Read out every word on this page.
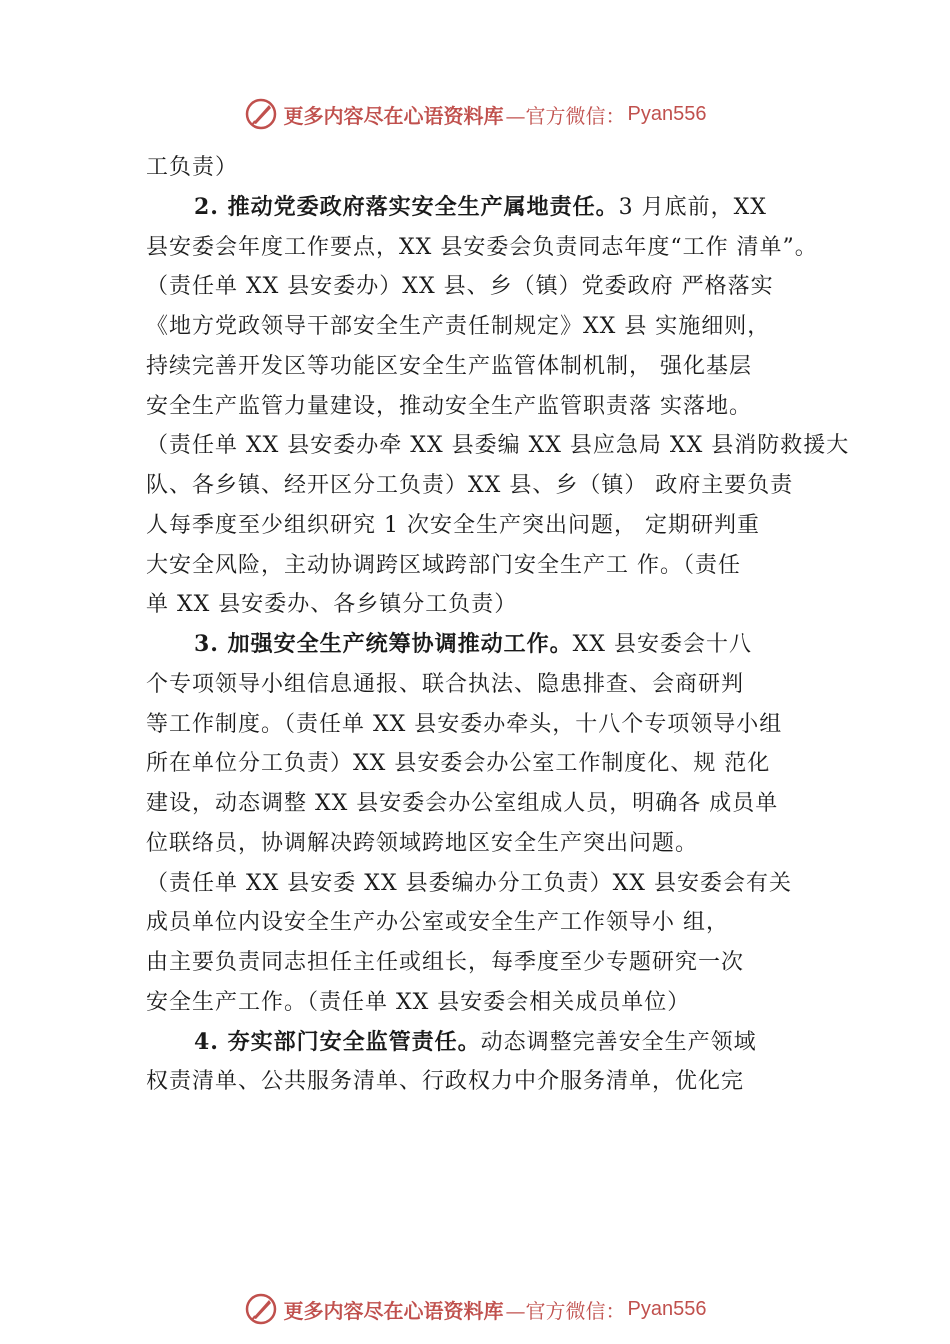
更多内容尽在心语资料库 —官方微信： Pyan556
工负责）
2. 推动党委政府落实安全生产属地责任。3 月底前，XX
县安委会年度工作要点，XX 县安委会负责同志年度“工作 清单”。
（责任单 XX 县安委办）XX 县、乡（镇）党委政府 严格落实
《地方党政领导干部安全生产责任制规定》XX 县 实施细则，
持续完善开发区等功能区安全生产监管体制机制， 强化基层
安全生产监管力量建设，推动安全生产监管职责落 实落地。
（责任单 XX 县安委办牵 XX 县委编 XX 县应急局 XX 县消防救援大
队、各乡镇、经开区分工负责）XX 县、乡（镇） 政府主要负责
人每季度至少组织研究 1 次安全生产突出问题， 定期研判重
大安全风险，主动协调跨区域跨部门安全生产工 作。（责任
单 XX 县安委办、各乡镇分工负责）
3. 加强安全生产统筹协调推动工作。XX 县安委会十八
个专项领导小组信息通报、联合执法、隐患排查、会商研判
等工作制度。（责任单 XX 县安委办牵头，十八个专项领导小组
所在单位分工负责）XX 县安委会办公室工作制度化、规 范化
建设，动态调整 XX 县安委会办公室组成人员，明确各 成员单
位联络员，协调解决跨领域跨地区安全生产突出问题。
（责任单 XX 县安委 XX 县委编办分工负责）XX 县安委会有关
成员单位内设安全生产办公室或安全生产工作领导小 组，
由主要负责同志担任主任或组长，每季度至少专题研究一次
安全生产工作。（责任单 XX 县安委会相关成员单位）
4. 夯实部门安全监管责任。动态调整完善安全生产领域
权责清单、公共服务清单、行政权力中介服务清单，优化完
更多内容尽在心语资料库 —官方微信： Pyan556
